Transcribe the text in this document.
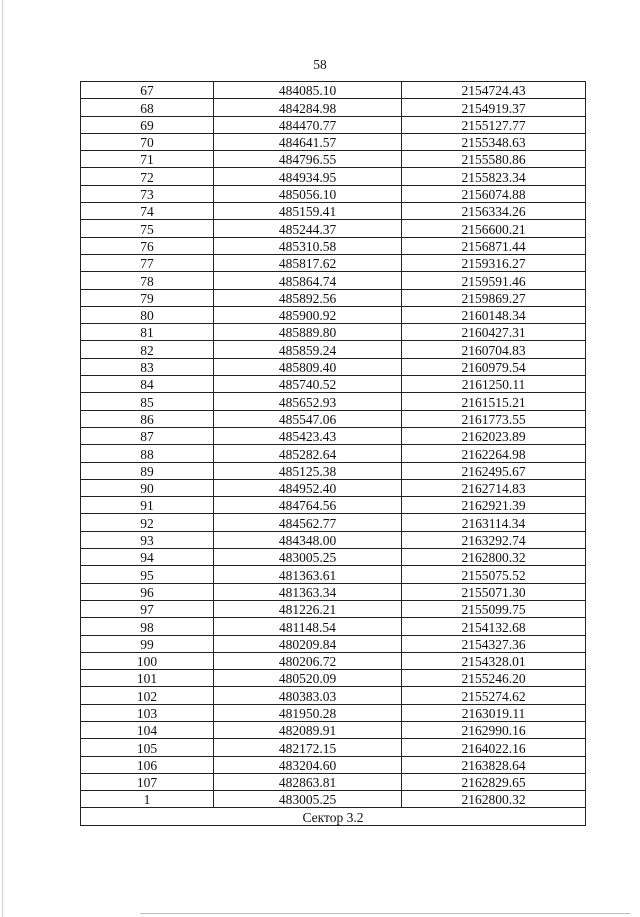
58
67	484085.10	2154724.43
68	484284.98	2154919.37
69	484470.77	2155127.77
70	484641.57	2155348.63
71	484796.55	2155580.86
72	484934.95	2155823.34
73	485056.10	2156074.88
74	485159.41	2156334.26
75	485244.37	2156600.21
76	485310.58	2156871.44
77	485817.62	2159316.27
78	485864.74	2159591.46
79	485892.56	2159869.27
80	485900.92	2160148.34
81	485889.80	2160427.31
82	485859.24	2160704.83
83	485809.40	2160979.54
84	485740.52	2161250.11
85	485652.93	2161515.21
86	485547.06	2161773.55
87	485423.43	2162023.89
88	485282.64	2162264.98
89	485125.38	2162495.67
90	484952.40	2162714.83
91	484764.56	2162921.39
92	484562.77	2163114.34
93	484348.00	2163292.74
94	483005.25	2162800.32
95	481363.61	2155075.52
96	481363.34	2155071.30
97	481226.21	2155099.75
98	481148.54	2154132.68
99	480209.84	2154327.36
100	480206.72	2154328.01
101	480520.09	2155246.20
102	480383.03	2155274.62
103	481950.28	2163019.11
104	482089.91	2162990.16
105	482172.15	2164022.16
106	483204.60	2163828.64
107	482863.81	2162829.65
1	483005.25	2162800.32
Сектор 3.2		
